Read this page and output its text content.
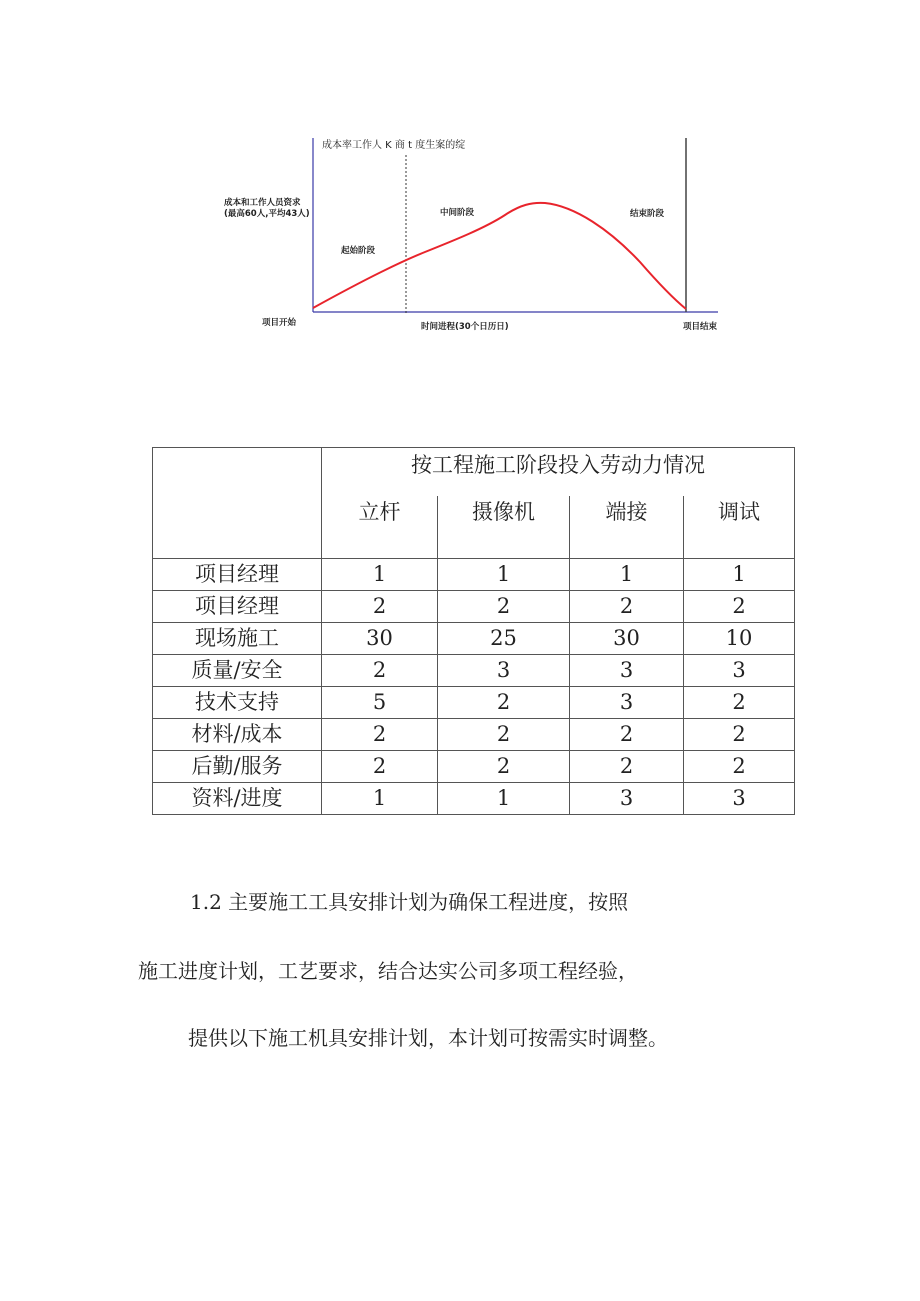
成本率工作人 K 商 t 度生案的绽
成本和工作人员资求
(最高60人,平均43人)
起始阶段
中间阶段	结束阶段
项目开始	时间进程(30个日历日)	项目结束
	按工程施工阶段投入劳动力情况			
	立杆	摄像机	端接	调试
项目经理	1	1	1	1
项目经理	2	2	2	2
现场施工	30	25	30	10
质量/安全	2	3	3	3
技术支持	5	2	3	2
材料/成本	2	2	2	2
后勤/服务	2	2	2	2
资料/进度	1	1	3	3
1.2 主要施工工具安排计划为确保工程进度，按照
施工进度计划，工艺要求，结合达实公司多项工程经验，
提供以下施工机具安排计划，本计划可按需实时调整。
